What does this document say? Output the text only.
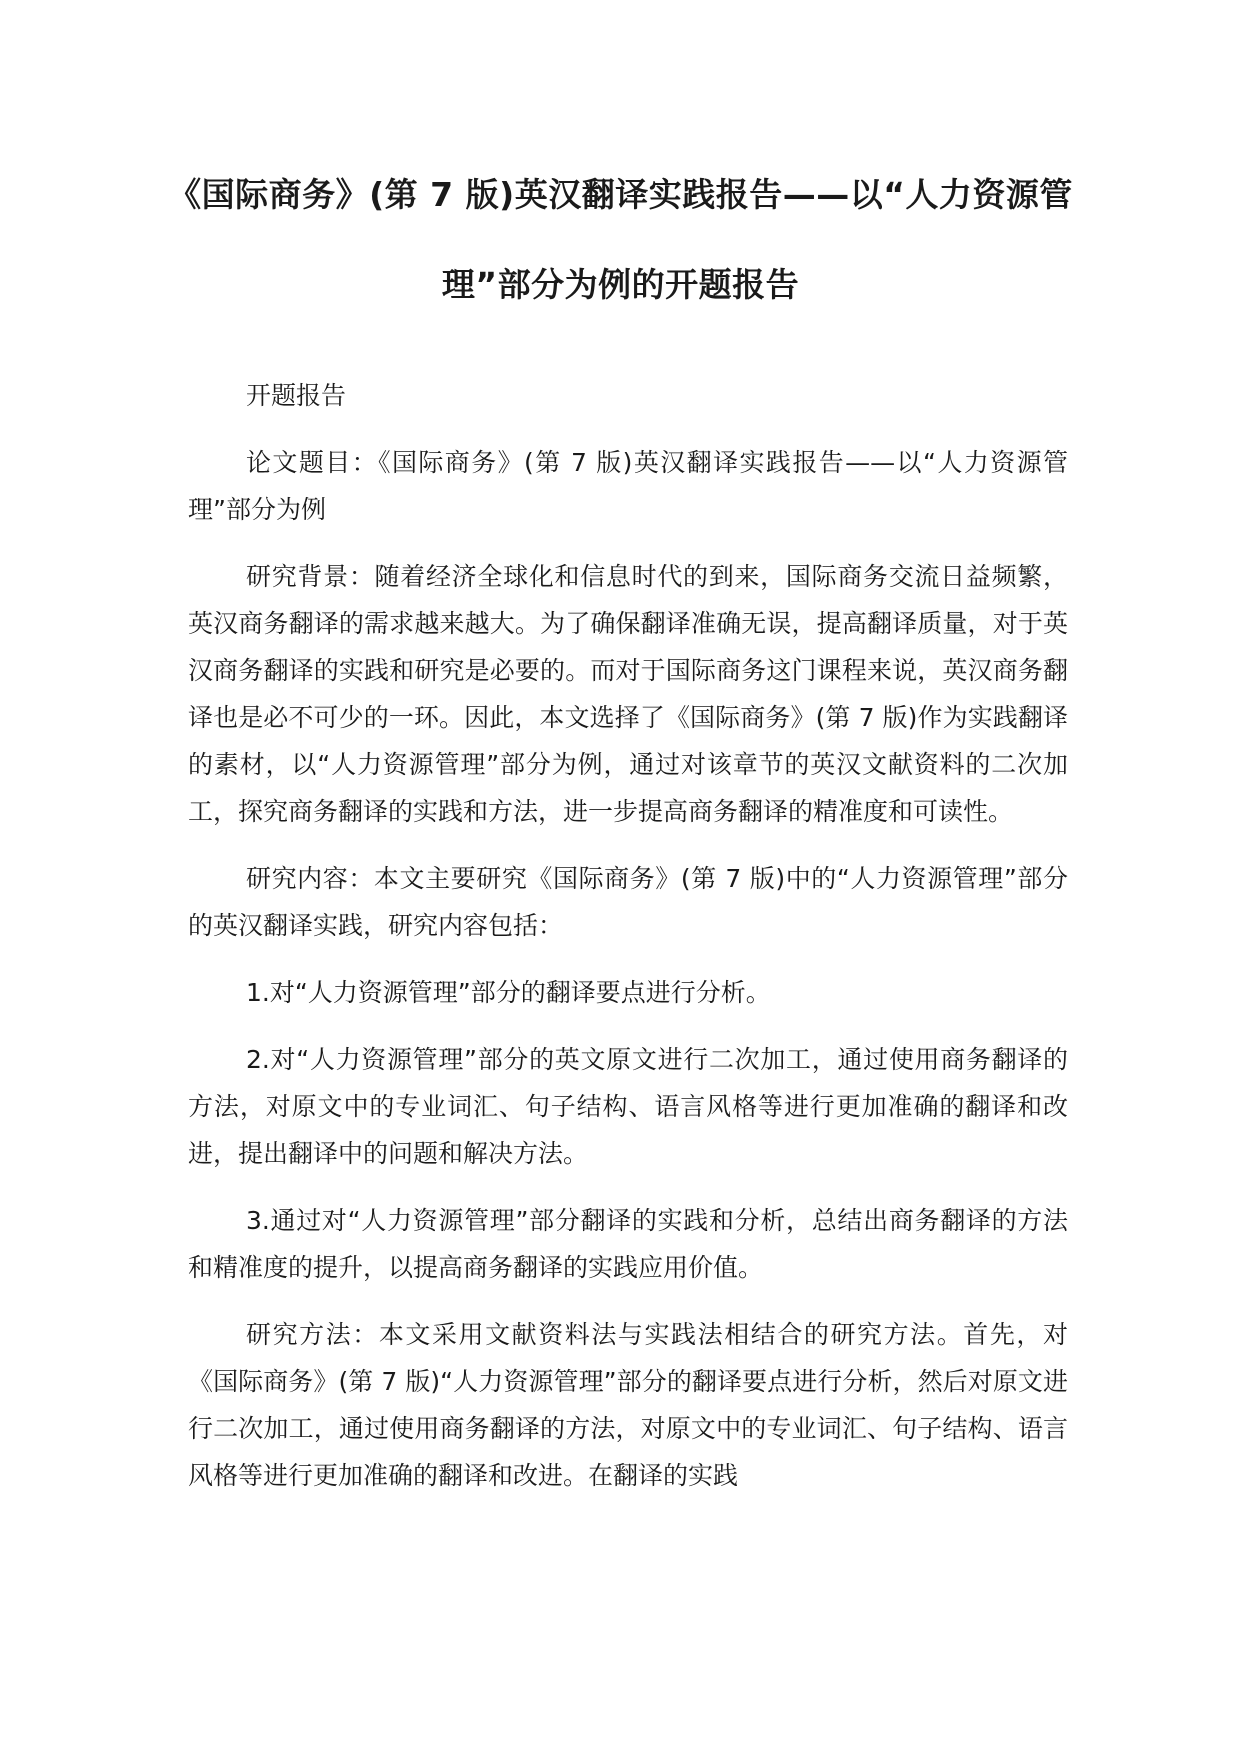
《国际商务》(第 7 版)英汉翻译实践报告——以“人力资源管理”部分为例的开题报告

开题报告

论文题目：《国际商务》(第 7 版)英汉翻译实践报告——以“人力资源管理”部分为例

研究背景：随着经济全球化和信息时代的到来，国际商务交流日益频繁，英汉商务翻译的需求越来越大。为了确保翻译准确无误，提高翻译质量，对于英汉商务翻译的实践和研究是必要的。而对于国际商务这门课程来说，英汉商务翻译也是必不可少的一环。因此，本文选择了《国际商务》(第 7 版)作为实践翻译的素材，以“人力资源管理”部分为例，通过对该章节的英汉文献资料的二次加工，探究商务翻译的实践和方法，进一步提高商务翻译的精准度和可读性。

研究内容：本文主要研究《国际商务》(第 7 版)中的“人力资源管理”部分的英汉翻译实践，研究内容包括：

1.对“人力资源管理”部分的翻译要点进行分析。

2.对“人力资源管理”部分的英文原文进行二次加工，通过使用商务翻译的方法，对原文中的专业词汇、句子结构、语言风格等进行更加准确的翻译和改进，提出翻译中的问题和解决方法。

3.通过对“人力资源管理”部分翻译的实践和分析，总结出商务翻译的方法和精准度的提升，以提高商务翻译的实践应用价值。

研究方法：本文采用文献资料法与实践法相结合的研究方法。首先，对《国际商务》(第 7 版)“人力资源管理”部分的翻译要点进行分析，然后对原文进行二次加工，通过使用商务翻译的方法，对原文中的专业词汇、句子结构、语言风格等进行更加准确的翻译和改进。在翻译的实践
